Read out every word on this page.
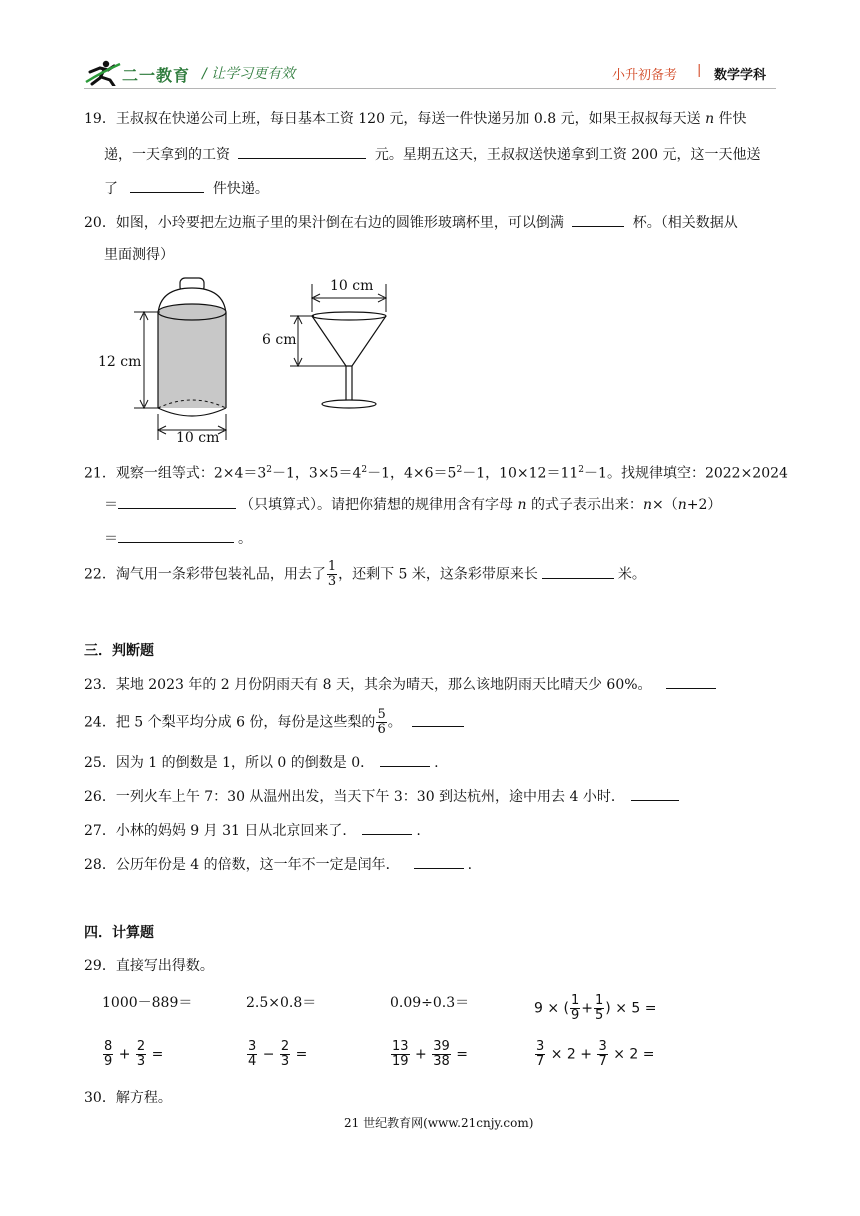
二一教育 / 让学习更有效	小升初备考 | 数学学科
19．王叔叔在快递公司上班，每日基本工资 120 元，每送一件快递另加 0.8 元，如果王叔叔每天送 n 件快
递，一天拿到的工资	元。星期五这天，王叔叔送快递拿到工资 200 元，这一天他送
了	件快递。
20．如图，小玲要把左边瓶子里的果汁倒在右边的圆锥形玻璃杯里，可以倒满	杯。（相关数据从
里面测得）
12 cm
10 cm
10 cm
6 cm
21．观察一组等式：$2\times 4=3^2-1$，$3\times 5=4^2-1$，$4\times 6=5^2-1$，$10\times 12=11^2-1$。找规律填空：2022×2024
＝	（只填算式）。请把你猜想的规律用含有字母 n 的式子表示出来：n×（n+2）
＝	。
22．淘气用一条彩带包装礼品，用去了 $\frac{1}{3}$ ，还剩下 5 米，这条彩带原来长	米。
三．判断题
23．某地 2023 年的 2 月份阴雨天有 8 天，其余为晴天，那么该地阴雨天比晴天少 60%。
24．把 5 个梨平均分成 6 份，每份是这些梨的 $\frac{5}{6}$ 。
25．因为 1 的倒数是 1，所以 0 的倒数是 0．	.
26．一列火车上午 7：30 从温州出发，当天下午 3：30 到达杭州，途中用去 4 小时．
27．小林的妈妈 9 月 31 日从北京回来了．	.
28．公历年份是 4 的倍数，这一年不一定是闰年．	.
四．计算题
29．直接写出得数。
1000－889＝	2.5×0.8＝	0.09÷0.3＝	9 × ( $\frac{1}{9} + \frac{1}{5}$ ) × 5 =
$\frac{8}{9} + \frac{2}{3}$ =	$\frac{3}{4} - \frac{2}{3}$ =	$\frac{13}{19} + \frac{39}{38}$ =	$\frac{3}{7} \times 2 + \frac{3}{7} \times 2$ =
30．解方程。
21 世纪教育网(www.21cnjy.com)
